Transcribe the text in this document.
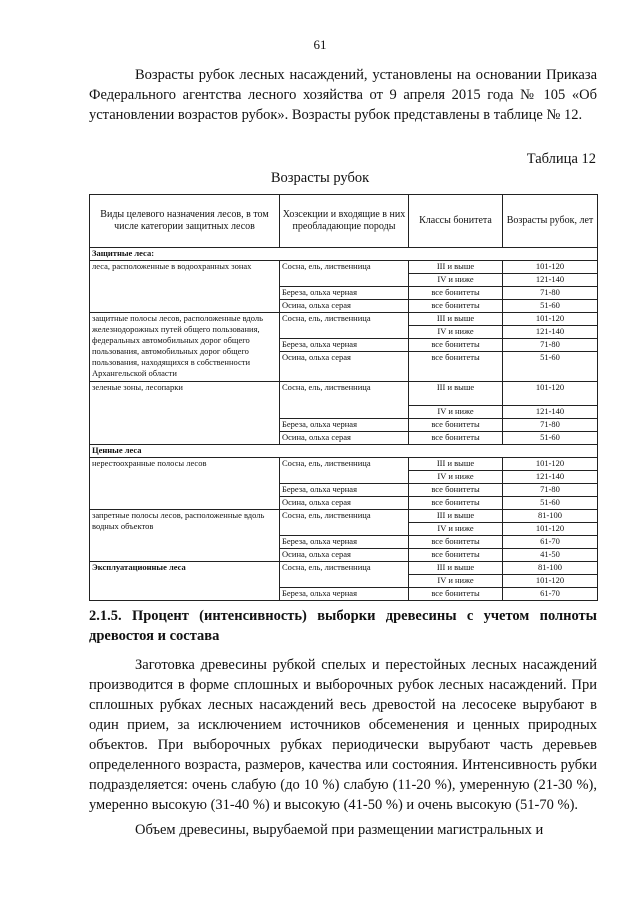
61

Возрасты рубок лесных насаждений, установлены на основании Приказа Федерального агентства лесного хозяйства от 9 апреля 2015 года № 105 «Об установлении возрастов рубок». Возрасты рубок представлены в таблице № 12.

Таблица 12
Возрасты рубок
Виды целевого назначения лесов, в том числе категории защитных лесов	Хозсекции и входящие в них преобладающие породы	Классы бонитета	Возрасты рубок, лет
Защитные леса:			
леса, расположенные в водоохранных зонах	Сосна, ель, лиственница	III и выше	101-120
		IV и ниже	121-140
	Береза, ольха черная	все бонитеты	71-80
	Осина, ольха серая	все бонитеты	51-60
защитные полосы лесов, расположенные вдоль железнодорожных путей общего пользования, федеральных автомобильных дорог общего пользования, автомобильных дорог общего пользования, находящихся в собственности Архангельской области	Сосна, ель, лиственница	III и выше	101-120
		IV и ниже	121-140
	Береза, ольха черная	все бонитеты	71-80
	Осина, ольха серая	все бонитеты	51-60
зеленые зоны, лесопарки	Сосна, ель, лиственница	III и выше	101-120
		IV и ниже	121-140
	Береза, ольха черная	все бонитеты	71-80
	Осина, ольха серая	все бонитеты	51-60
Ценные леса			
нерестоохранные полосы лесов	Сосна, ель, лиственница	III и выше	101-120
		IV и ниже	121-140
	Береза, ольха черная	все бонитеты	71-80
	Осина, ольха серая	все бонитеты	51-60
запретные полосы лесов, расположенные вдоль водных объектов	Сосна, ель, лиственница	III и выше	81-100
		IV и ниже	101-120
	Береза, ольха черная	все бонитеты	61-70
	Осина, ольха серая	все бонитеты	41-50
Эксплуатационные леса	Сосна, ель, лиственница	III и выше	81-100
		IV и ниже	101-120
	Береза, ольха черная	все бонитеты	61-70

2.1.5. Процент (интенсивность) выборки древесины с учетом полноты древостоя и состава

Заготовка древесины рубкой спелых и перестойных лесных насаждений производится в форме сплошных и выборочных рубок лесных насаждений. При сплошных рубках лесных насаждений весь древостой на лесосеке вырубают в один прием, за исключением источников обсеменения и ценных природных объектов. При выборочных рубках периодически вырубают часть деревьев определенного возраста, размеров, качества или состояния. Интенсивность рубки подразделяется: очень слабую (до 10 %) слабую (11-20 %), умеренную (21-30 %), умеренно высокую (31-40 %) и высокую (41-50 %) и очень высокую (51-70 %).

Объем древесины, вырубаемой при размещении магистральных и
